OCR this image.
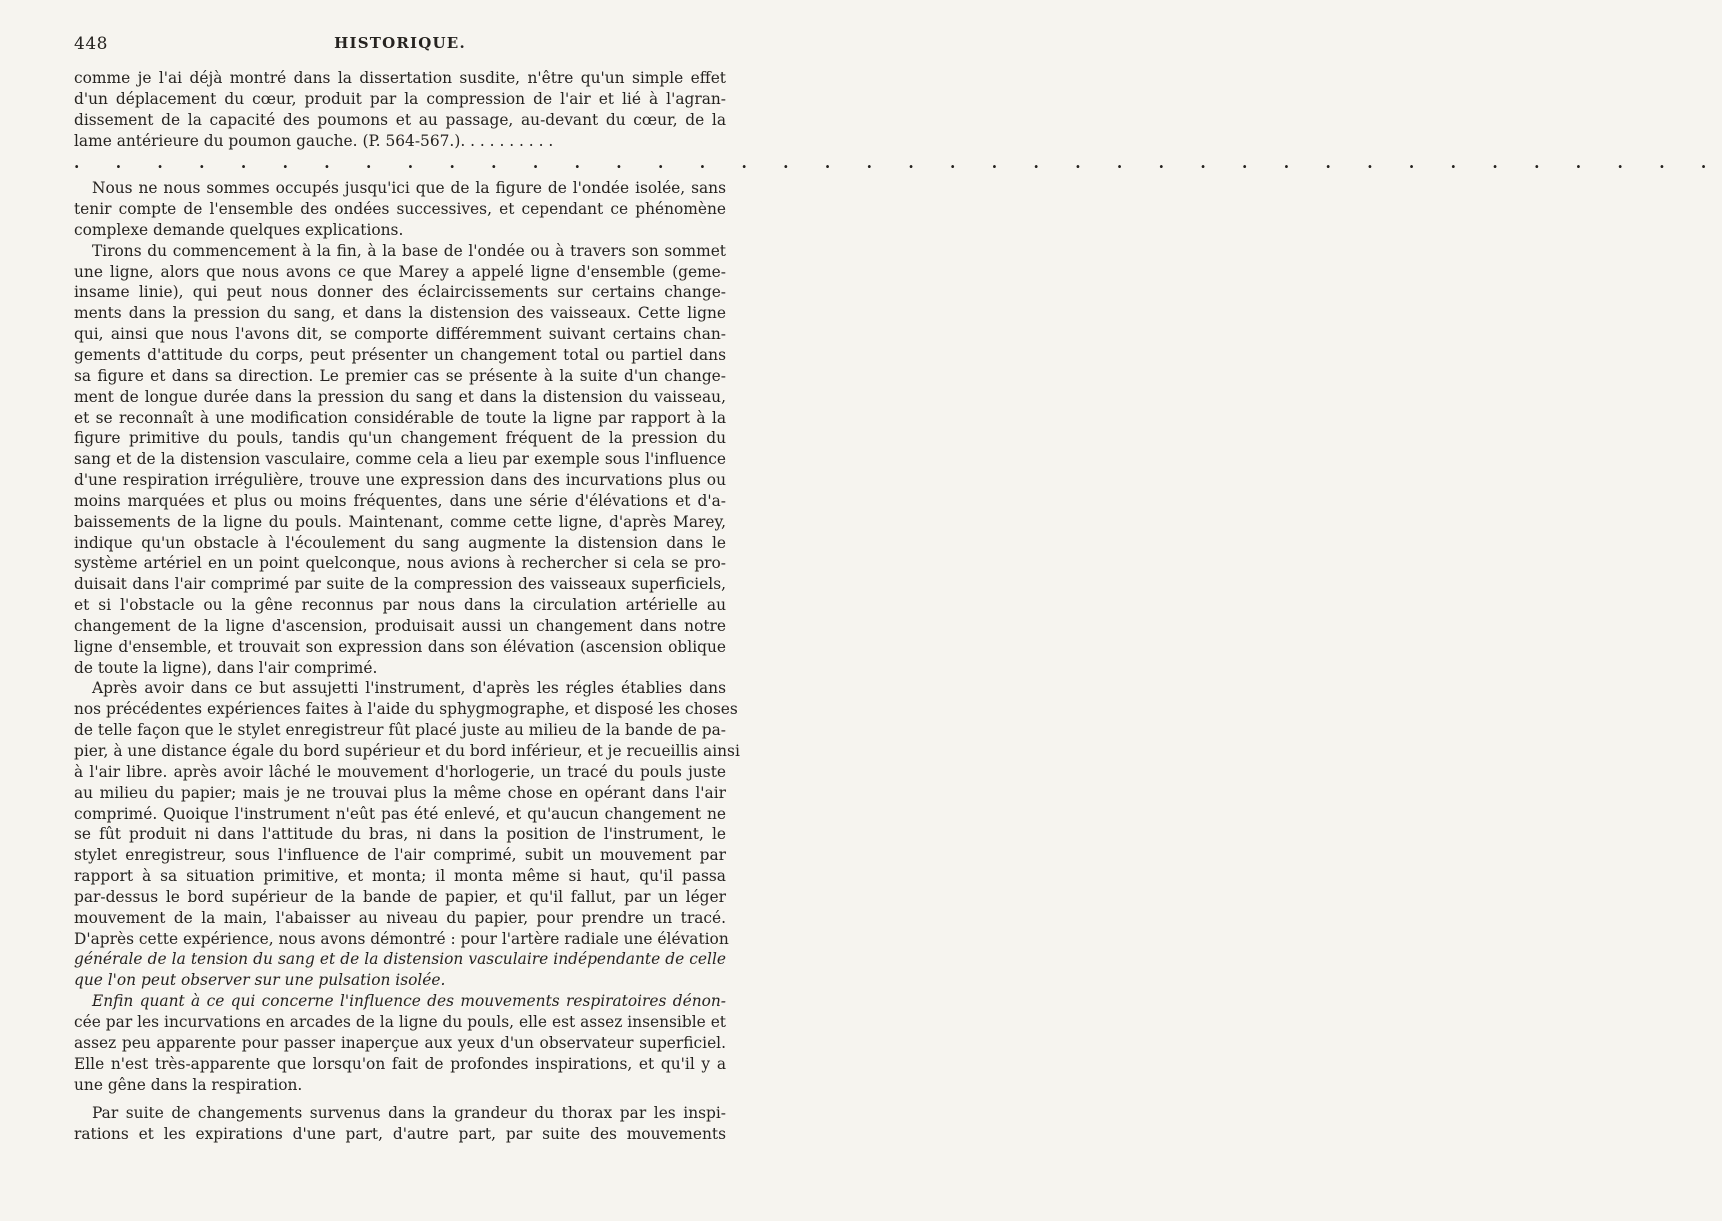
448	HISTORIQUE.
comme je l'ai déjà montré dans la dissertation susdite, n'être qu'un simple effet
d'un déplacement du cœur, produit par la compression de l'air et lié à l'agran-
dissement de la capacité des poumons et au passage, au-devant du cœur, de la
lame antérieure du poumon gauche. (P. 564-567.). . . . . . . . . .
. . . . . . . . . . . . . . . . . . . . . . . . . . . . . . . . . . . . . . . .
Nous ne nous sommes occupés jusqu'ici que de la figure de l'ondée isolée, sans
tenir compte de l'ensemble des ondées successives, et cependant ce phénomène
complexe demande quelques explications.
Tirons du commencement à la fin, à la base de l'ondée ou à travers son sommet
une ligne, alors que nous avons ce que Marey a appelé ligne d'ensemble (geme-
insame linie), qui peut nous donner des éclaircissements sur certains change-
ments dans la pression du sang, et dans la distension des vaisseaux. Cette ligne
qui, ainsi que nous l'avons dit, se comporte différemment suivant certains chan-
gements d'attitude du corps, peut présenter un changement total ou partiel dans
sa figure et dans sa direction. Le premier cas se présente à la suite d'un change-
ment de longue durée dans la pression du sang et dans la distension du vaisseau,
et se reconnaît à une modification considérable de toute la ligne par rapport à la
figure primitive du pouls, tandis qu'un changement fréquent de la pression du
sang et de la distension vasculaire, comme cela a lieu par exemple sous l'influence
d'une respiration irrégulière, trouve une expression dans des incurvations plus ou
moins marquées et plus ou moins fréquentes, dans une série d'élévations et d'a-
baissements de la ligne du pouls. Maintenant, comme cette ligne, d'après Marey,
indique qu'un obstacle à l'écoulement du sang augmente la distension dans le
système artériel en un point quelconque, nous avions à rechercher si cela se pro-
duisait dans l'air comprimé par suite de la compression des vaisseaux superficiels,
et si l'obstacle ou la gêne reconnus par nous dans la circulation artérielle au
changement de la ligne d'ascension, produisait aussi un changement dans notre
ligne d'ensemble, et trouvait son expression dans son élévation (ascension oblique
de toute la ligne), dans l'air comprimé.
Après avoir dans ce but assujetti l'instrument, d'après les régles établies dans
nos précédentes expériences faites à l'aide du sphygmographe, et disposé les choses
de telle façon que le stylet enregistreur fût placé juste au milieu de la bande de pa-
pier, à une distance égale du bord supérieur et du bord inférieur, et je recueillis ainsi
à l'air libre. après avoir lâché le mouvement d'horlogerie, un tracé du pouls juste
au milieu du papier; mais je ne trouvai plus la même chose en opérant dans l'air
comprimé. Quoique l'instrument n'eût pas été enlevé, et qu'aucun changement ne
se fût produit ni dans l'attitude du bras, ni dans la position de l'instrument, le
stylet enregistreur, sous l'influence de l'air comprimé, subit un mouvement par
rapport à sa situation primitive, et monta; il monta même si haut, qu'il passa
par-dessus le bord supérieur de la bande de papier, et qu'il fallut, par un léger
mouvement de la main, l'abaisser au niveau du papier, pour prendre un tracé.
D'après cette expérience, nous avons démontré : pour l'artère radiale une élévation
générale de la tension du sang et de la distension vasculaire indépendante de celle
que l'on peut observer sur une pulsation isolée.
Enfin quant à ce qui concerne l'influence des mouvements respiratoires dénon-
cée par les incurvations en arcades de la ligne du pouls, elle est assez insensible et
assez peu apparente pour passer inaperçue aux yeux d'un observateur superficiel.
Elle n'est très-apparente que lorsqu'on fait de profondes inspirations, et qu'il y a
une gêne dans la respiration.
Par suite de changements survenus dans la grandeur du thorax par les inspi-
rations et les expirations d'une part, d'autre part, par suite des mouvements
